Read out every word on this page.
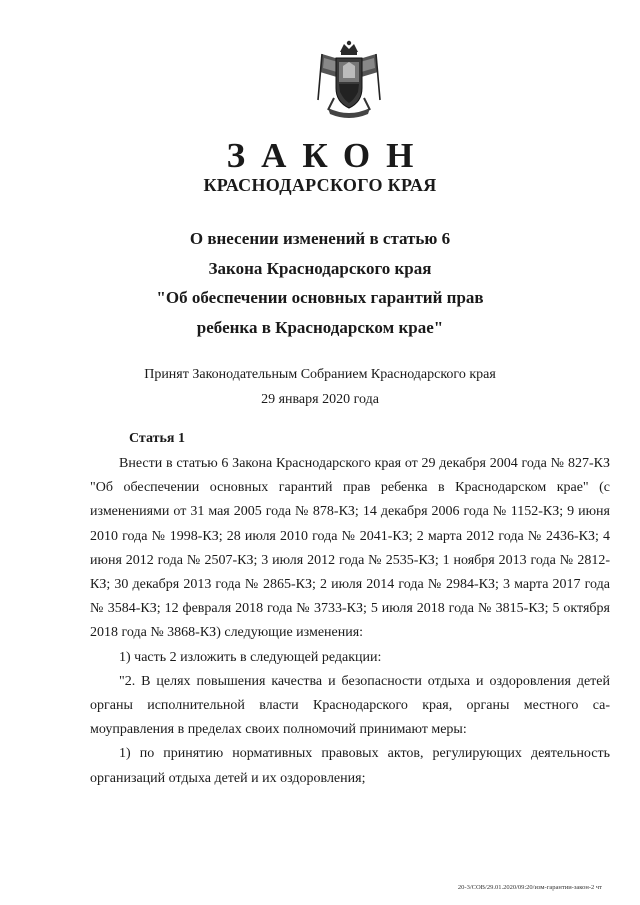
ЗАКОН
КРАСНОДАРСКОГО КРАЯ
О внесении изменений в статью 6
Закона Краснодарского края
"Об обеспечении основных гарантий прав
ребенка в Краснодарском крае"
Принят Законодательным Собранием Краснодарского края
29 января 2020 года
Статья 1

Внести в статью 6 Закона Краснодарского края от 29 декабря 2004 года № 827-КЗ "Об обеспечении основных гарантий прав ребенка в Краснодарском крае" (с изменениями от 31 мая 2005 года № 878-КЗ; 14 декабря 2006 года № 1152-КЗ; 9 июня 2010 года № 1998-КЗ; 28 июля 2010 года № 2041-КЗ; 2 марта 2012 года № 2436-КЗ; 4 июня 2012 года № 2507-КЗ; 3 июля 2012 года № 2535-КЗ; 1 ноября 2013 года № 2812-КЗ; 30 декабря 2013 года № 2865-КЗ; 2 июля 2014 года № 2984-КЗ; 3 марта 2017 года № 3584-КЗ; 12 февраля 2018 года № 3733-КЗ; 5 июля 2018 года № 3815-КЗ; 5 октября 2018 года № 3868-КЗ) следующие изменения:

1) часть 2 изложить в следующей редакции:

"2. В целях повышения качества и безопасности отдыха и оздоровления детей органы исполнительной власти Краснодарского края, органы местного самоуправления в пределах своих полномочий принимают меры:

1) по принятию нормативных правовых актов, регулирующих деятельность организаций отдыха детей и их оздоровления;

20-3/СОВ/29.01.2020/09:20/изм-гарантии-закон-2 чт
